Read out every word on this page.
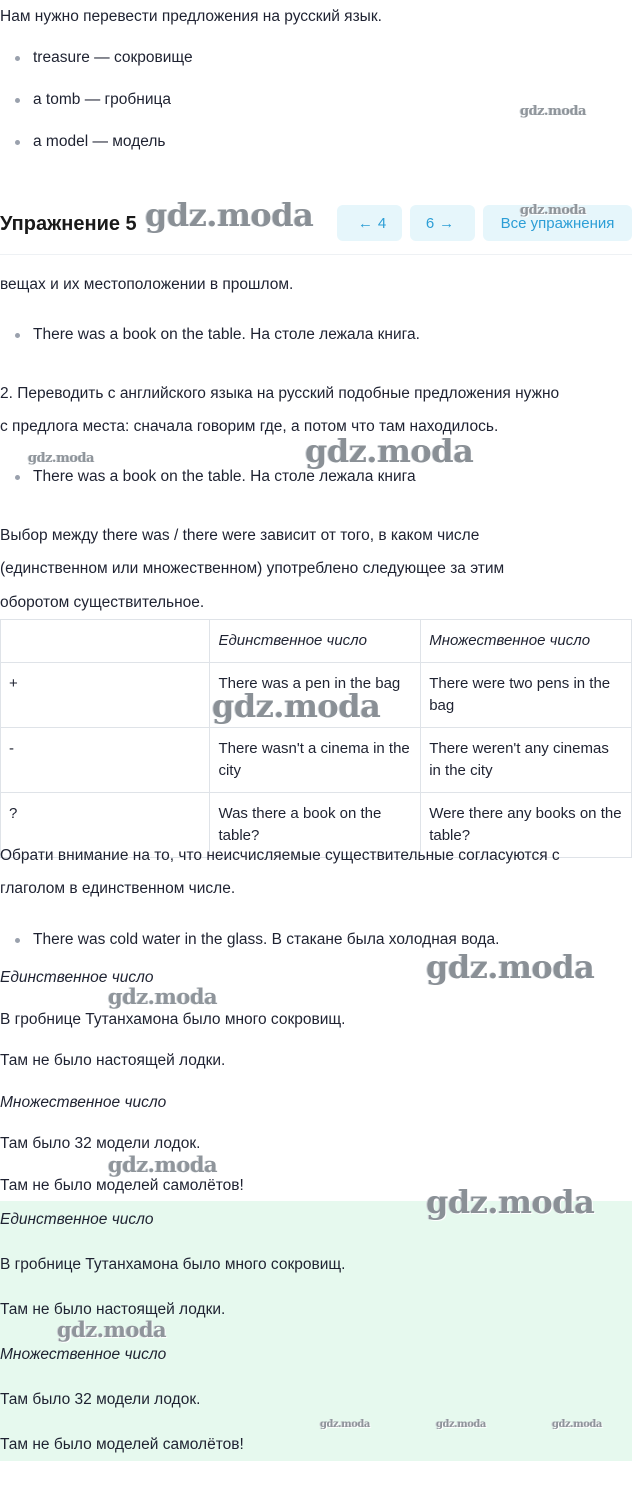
Нам нужно перевести предложения на русский язык.

treasure — сокровище
a tomb — гробница
a model — модель
Упражнение 5	← 4	6 →	Все упражнения

вещах и их местоположении в прошлом.

There was a book on the table. На столе лежала книга.

2. Переводить с английского языка на русский подобные предложения нужно

с предлога места: сначала говорим где, а потом что там находилось.

There was a book on the table. На столе лежала книга

Выбор между there was / there were зависит от того, в каком числе

(единственном или множественном) употреблено следующее за этим

оборотом существительное.

	Единственное число	Множественное число
+	There was a pen in the bag	There were two pens in the bag
-	There wasn't a cinema in the city	There weren't any cinemas in the city
?	Was there a book on the table?	Were there any books on the table?

Обрати внимание на то, что неисчисляемые существительные согласуются с

глаголом в единственном числе.

There was cold water in the glass. В стакане была холодная вода.

Единственное число

В гробнице Тутанхамона было много сокровищ.

Там не было настоящей лодки.

Множественное число

Там было 32 модели лодок.

Там не было моделей самолётов!

Единственное число

В гробнице Тутанхамона было много сокровищ.

Там не было настоящей лодки.

Множественное число

Там было 32 модели лодок.

Там не было моделей самолётов!

gdz.moda
gdz.moda	gdz.moda
gdz.moda
gdz.moda
gdz.moda
gdz.moda
gdz.moda
gdz.moda
gdz.moda
gdz.moda
gdz.moda	gdz.moda	gdz.moda
